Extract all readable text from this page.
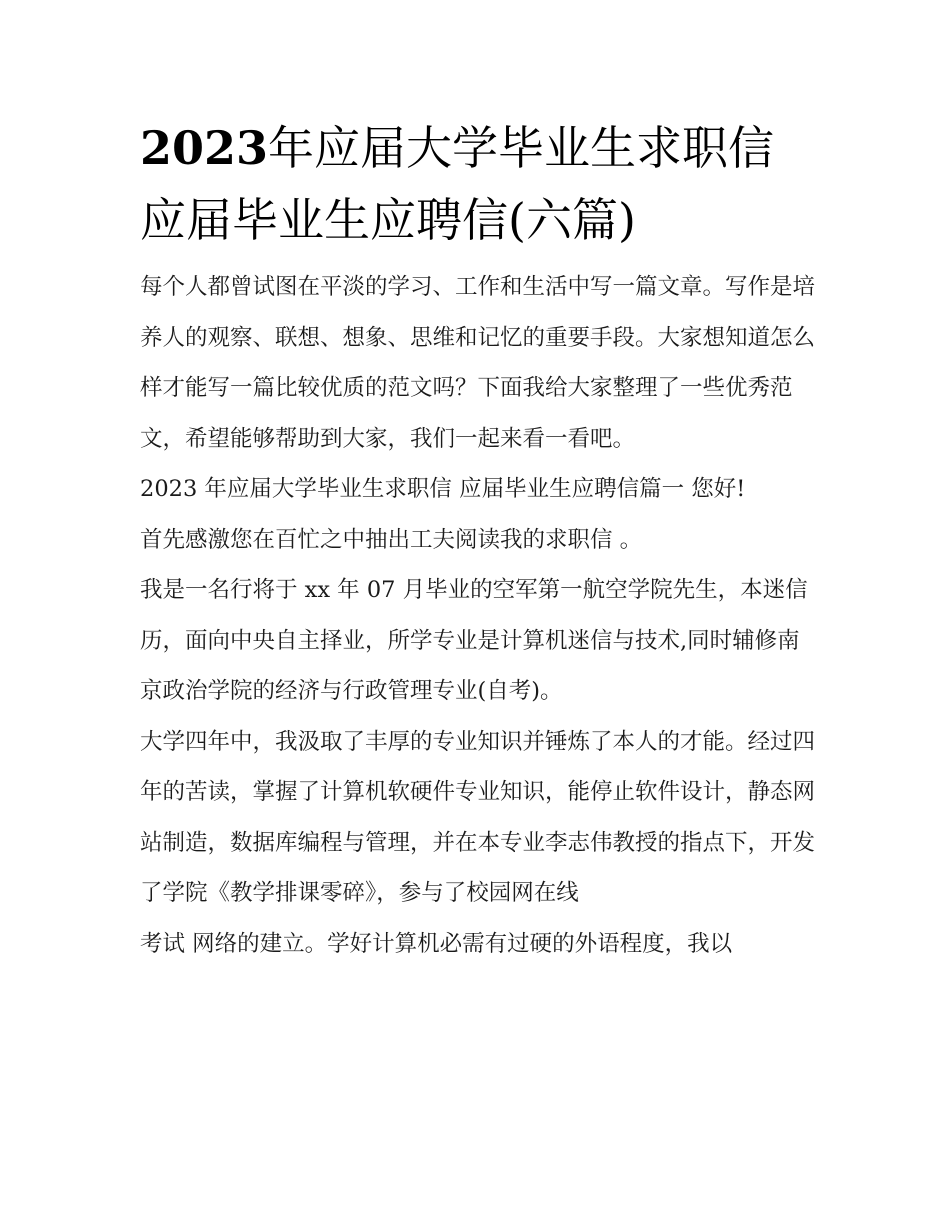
2023年应届大学毕业生求职信
应届毕业生应聘信(六篇)

每个人都曾试图在平淡的学习、工作和生活中写一篇文章。写作是培养人的观察、联想、想象、思维和记忆的重要手段。大家想知道怎么样才能写一篇比较优质的范文吗？下面我给大家整理了一些优秀范文，希望能够帮助到大家，我们一起来看一看吧。

2023 年应届大学毕业生求职信 应届毕业生应聘信篇一 您好!

首先感激您在百忙之中抽出工夫阅读我的求职信 。

我是一名行将于 xx 年 07 月毕业的空军第一航空学院先生，本迷信历，面向中央自主择业，所学专业是计算机迷信与技术,同时辅修南京政治学院的经济与行政管理专业(自考)。

大学四年中，我汲取了丰厚的专业知识并锤炼了本人的才能。经过四年的苦读，掌握了计算机软硬件专业知识，能停止软件设计，静态网站制造，数据库编程与管理，并在本专业李志伟教授的指点下，开发了学院《教学排课零碎》，参与了校园网在线

考试 网络的建立。学好计算机必需有过硬的外语程度，我以
